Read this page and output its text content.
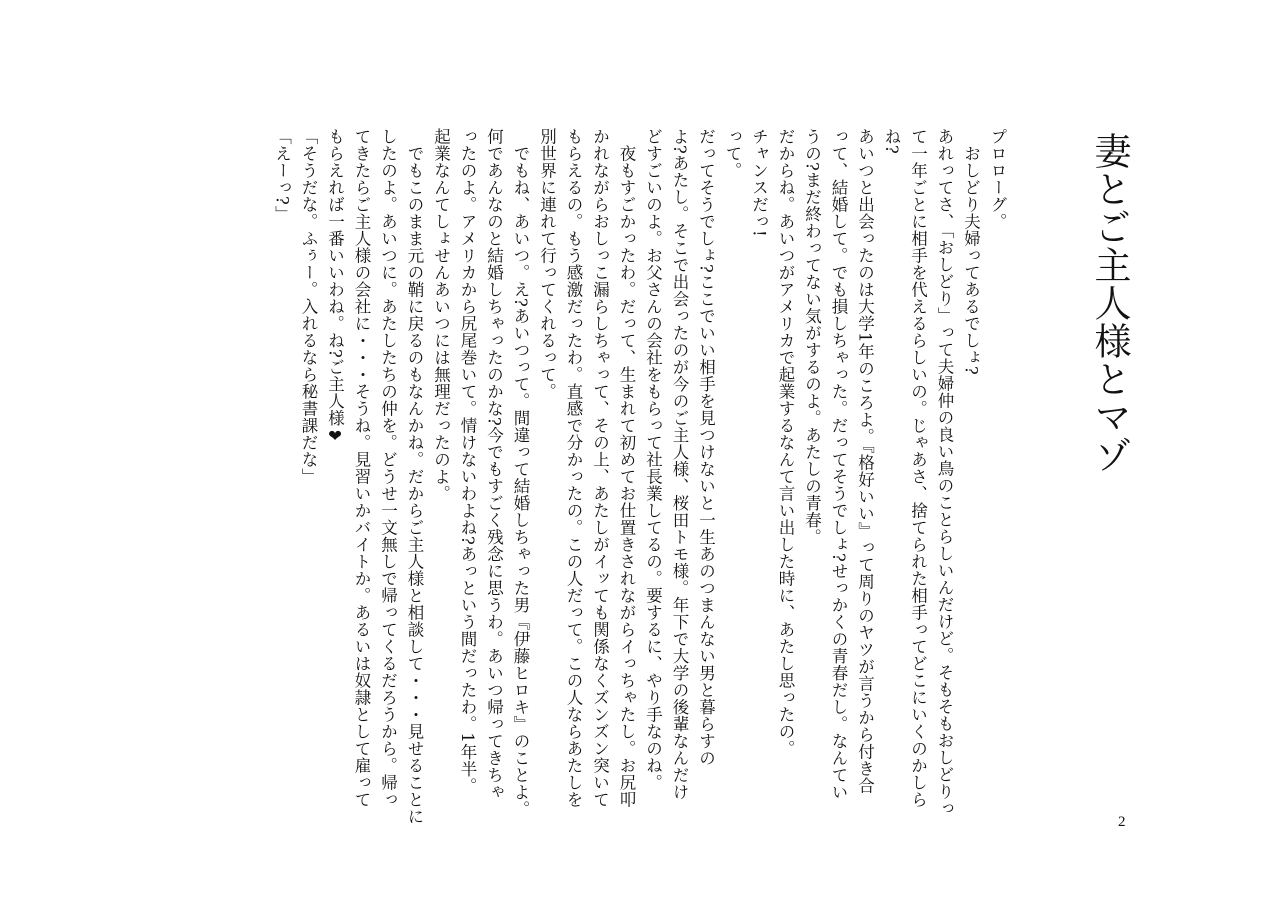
妻とご主人様とマゾ
プロローグ。
　おしどり夫婦ってあるでしょ?
あれってさ、「おしどり」って夫婦仲の良い鳥のことらしいんだけど。そもそもおしどりっ
て一年ごとに相手を代えるらしいの。じゃあさ、捨てられた相手ってどこにいくのかしら
ね?
あいつと出会ったのは大学1年のころよ。『格好いい』って周りのヤツが言うから付き合
って、結婚して。でも損しちゃった。だってそうでしょ?せっかくの青春だし。なんてい
うの?まだ終わってない気がするのよ。あたしの青春。
だからね。あいつがアメリカで起業するなんて言い出した時に、あたし思ったの。
チャンスだっ!
って。
だってそうでしょ?ここでいい相手を見つけないと一生あのつまんない男と暮らすの
よ?あたし。そこで出会ったのが今のご主人様、桜田トモ様。年下で大学の後輩なんだけ
どすごいのよ。お父さんの会社をもらって社長業してるの。要するに、やり手なのね。
　夜もすごかったわ。だって、生まれて初めてお仕置きされながらイっちゃたし。お尻叩
かれながらおしっこ漏らしちゃって、その上、あたしがイッても関係なくズンズン突いて
もらえるの。もう感激だったわ。直感で分かったの。この人だって。この人ならあたしを
別世界に連れて行ってくれるって。
　でもね、あいつ。え?あいつって。間違って結婚しちゃった男『伊藤ヒロキ』のことよ。
何であんなのと結婚しちゃったのかな?今でもすごく残念に思うわ。あいつ帰ってきちゃ
ったのよ。アメリカから尻尾巻いて。情けないわよね?あっという間だったわ。1年半。
起業なんてしょせんあいつには無理だったのよ。
　でもこのまま元の鞘に戻るのもなんかね。だからご主人様と相談して・・・見せることに
したのよ。あいつに。あたしたちの仲を。どうせ一文無しで帰ってくるだろうから。帰っ
てきたらご主人様の会社に・・・そうね。見習いかバイトか。あるいは奴隷として雇って
もらえれば一番いいわね。ね?ご主人様❤
「そうだな。ふぅー。入れるなら秘書課だな」
「えーっ?」
2
